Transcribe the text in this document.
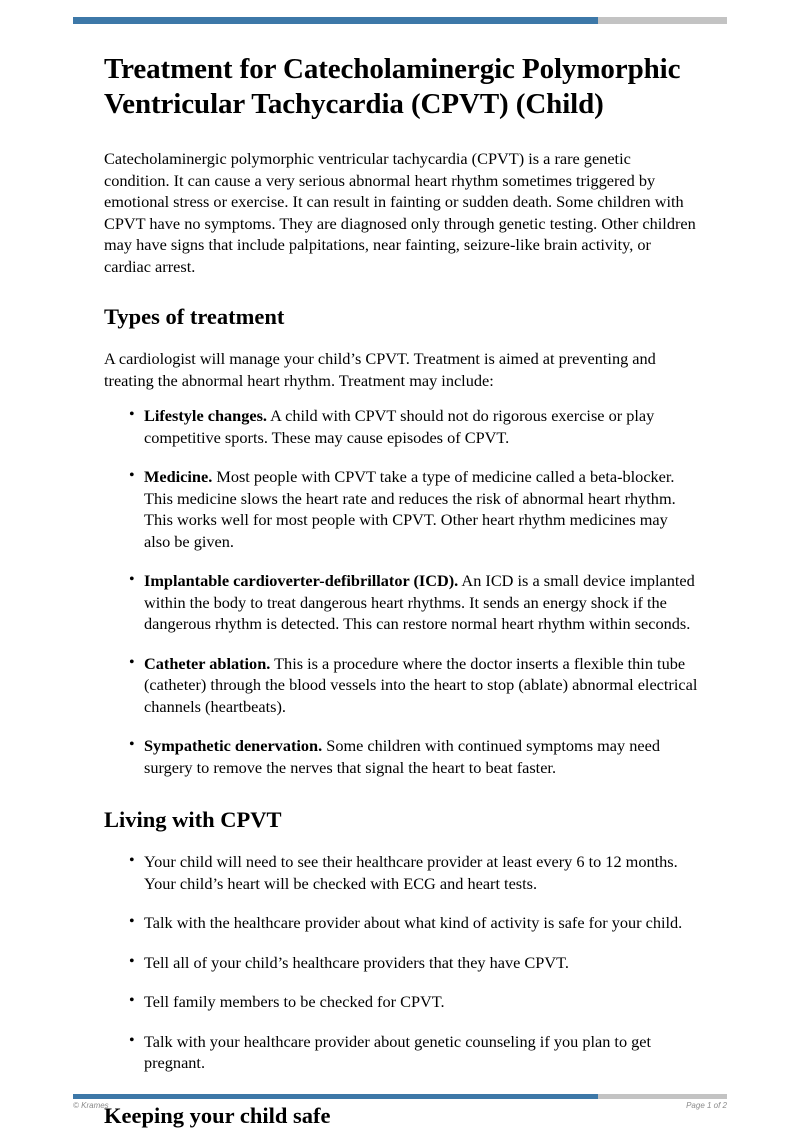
Treatment for Catecholaminergic Polymorphic Ventricular Tachycardia (CPVT) (Child)

Catecholaminergic polymorphic ventricular tachycardia (CPVT) is a rare genetic condition. It can cause a very serious abnormal heart rhythm sometimes triggered by emotional stress or exercise. It can result in fainting or sudden death. Some children with CPVT have no symptoms. They are diagnosed only through genetic testing. Other children may have signs that include palpitations, near fainting, seizure-like brain activity, or cardiac arrest.

Types of treatment

A cardiologist will manage your child’s CPVT. Treatment is aimed at preventing and treating the abnormal heart rhythm. Treatment may include:

• Lifestyle changes. A child with CPVT should not do rigorous exercise or play competitive sports. These may cause episodes of CPVT.
• Medicine. Most people with CPVT take a type of medicine called a beta-blocker. This medicine slows the heart rate and reduces the risk of abnormal heart rhythm. This works well for most people with CPVT. Other heart rhythm medicines may also be given.
• Implantable cardioverter-defibrillator (ICD). An ICD is a small device implanted within the body to treat dangerous heart rhythms. It sends an energy shock if the dangerous rhythm is detected. This can restore normal heart rhythm within seconds.
• Catheter ablation. This is a procedure where the doctor inserts a flexible thin tube (catheter) through the blood vessels into the heart to stop (ablate) abnormal electrical channels (heartbeats).
• Sympathetic denervation. Some children with continued symptoms may need surgery to remove the nerves that signal the heart to beat faster.
Living with CPVT
• Your child will need to see their healthcare provider at least every 6 to 12 months. Your child’s heart will be checked with ECG and heart tests.
• Talk with the healthcare provider about what kind of activity is safe for your child.
• Tell all of your child’s healthcare providers that they have CPVT.
• Tell family members to be checked for CPVT.
• Talk with your healthcare provider about genetic counseling if you plan to get pregnant.
Keeping your child safe
© Krames	Page 1 of 2
